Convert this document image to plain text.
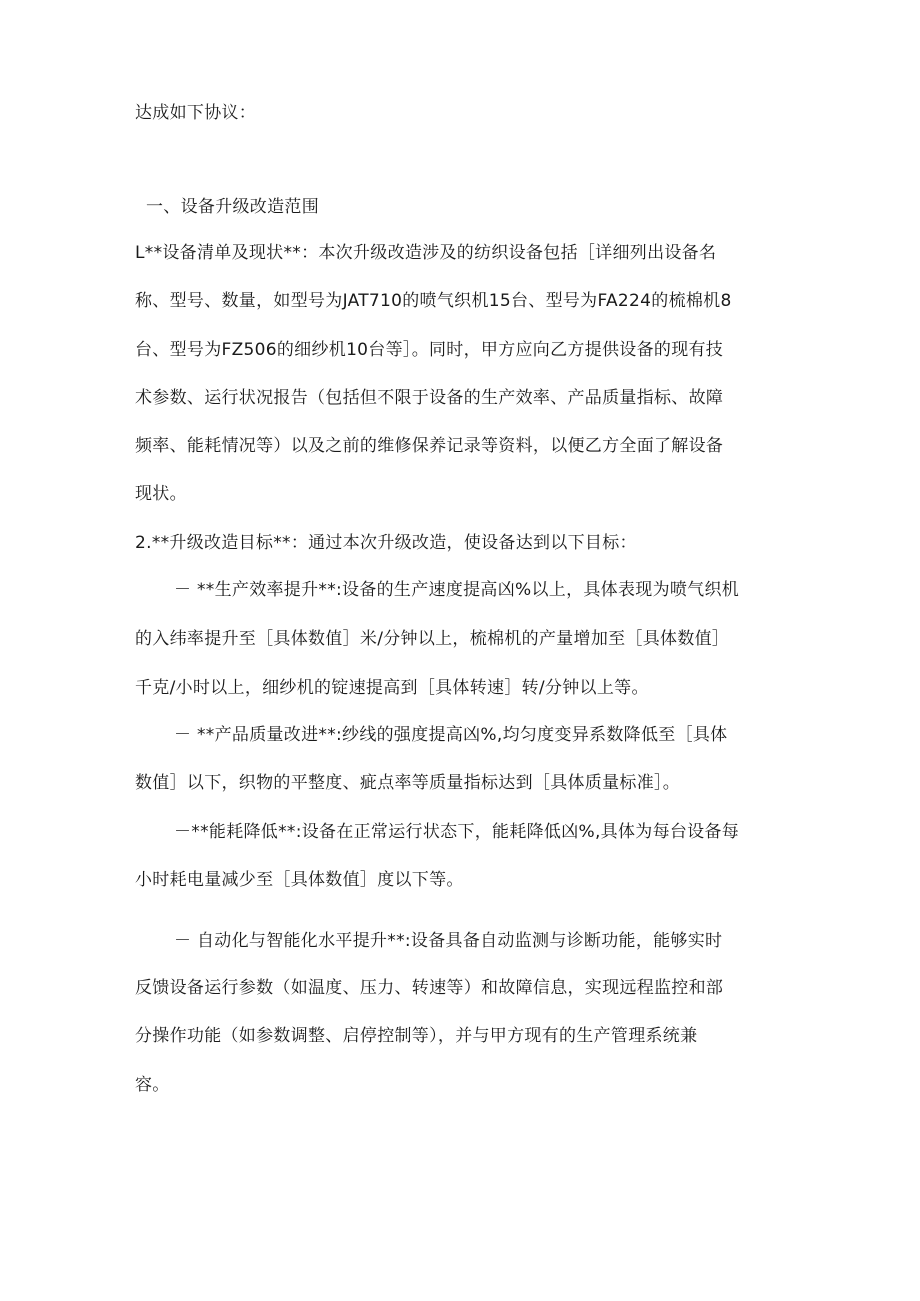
达成如下协议：
一、设备升级改造范围
L**设备清单及现状**：本次升级改造涉及的纺织设备包括［详细列出设备名
称、型号、数量，如型号为JAT710的喷气织机15台、型号为FA224的梳棉机8
台、型号为FZ506的细纱机10台等］。同时，甲方应向乙方提供设备的现有技
术参数、运行状况报告（包括但不限于设备的生产效率、产品质量指标、故障
频率、能耗情况等）以及之前的维修保养记录等资料，以便乙方全面了解设备
现状。
2.**升级改造目标**：通过本次升级改造，使设备达到以下目标：
－ **生产效率提升**:设备的生产速度提高凶%以上，具体表现为喷气织机
的入纬率提升至［具体数值］米/分钟以上，梳棉机的产量增加至［具体数值］
千克/小时以上，细纱机的锭速提高到［具体转速］转/分钟以上等。
－ **产品质量改进**:纱线的强度提高凶%,均匀度变异系数降低至［具体
数值］以下，织物的平整度、疵点率等质量指标达到［具体质量标准］。
－**能耗降低**:设备在正常运行状态下，能耗降低凶%,具体为每台设备每
小时耗电量减少至［具体数值］度以下等。
－ 自动化与智能化水平提升**:设备具备自动监测与诊断功能，能够实时
反馈设备运行参数（如温度、压力、转速等）和故障信息，实现远程监控和部
分操作功能（如参数调整、启停控制等），并与甲方现有的生产管理系统兼
容。
